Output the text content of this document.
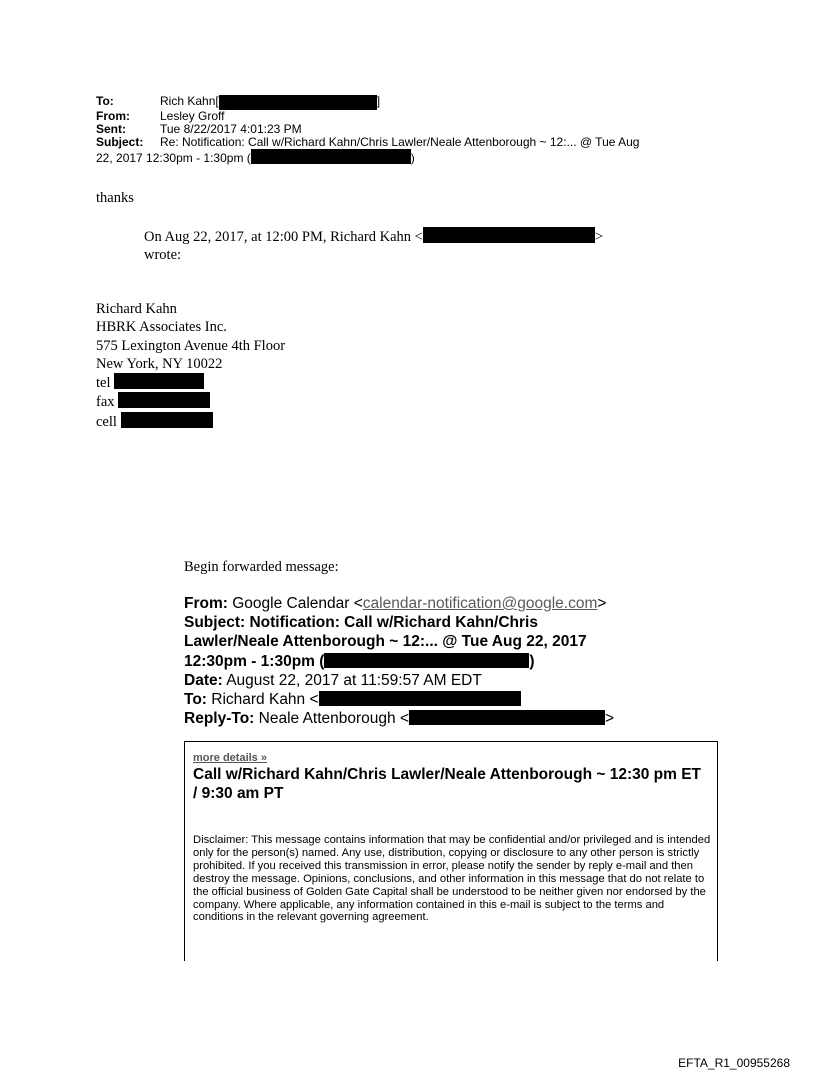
To:	Rich Kahn[	]
From:	Lesley Groff
Sent:	Tue 8/22/2017 4:01:23 PM
Subject:	Re: Notification: Call w/Richard Kahn/Chris Lawler/Neale Attenborough ~ 12:... @ Tue Aug
22, 2017 12:30pm - 1:30pm (	)
thanks
On Aug 22, 2017, at 12:00 PM, Richard Kahn <	>
wrote:
Richard Kahn
HBRK Associates Inc.
575 Lexington Avenue 4th Floor
New York, NY 10022
tel
fax
cell
Begin forwarded message:
From: Google Calendar <calendar-notification@google.com>
Subject: Notification: Call w/Richard Kahn/Chris
Lawler/Neale Attenborough ~ 12:... @ Tue Aug 22, 2017
12:30pm - 1:30pm (	)
Date: August 22, 2017 at 11:59:57 AM EDT
To: Richard Kahn <
Reply-To: Neale Attenborough <	>
more details »
Call w/Richard Kahn/Chris Lawler/Neale Attenborough ~ 12:30 pm ET / 9:30 am PT
Disclaimer: This message contains information that may be confidential and/or privileged and is intended only for the person(s) named. Any use, distribution, copying or disclosure to any other person is strictly prohibited. If you received this transmission in error, please notify the sender by reply e-mail and then destroy the message. Opinions, conclusions, and other information in this message that do not relate to the official business of Golden Gate Capital shall be understood to be neither given nor endorsed by the company. Where applicable, any information contained in this e-mail is subject to the terms and conditions in the relevant governing agreement.
EFTA_R1_00955268
